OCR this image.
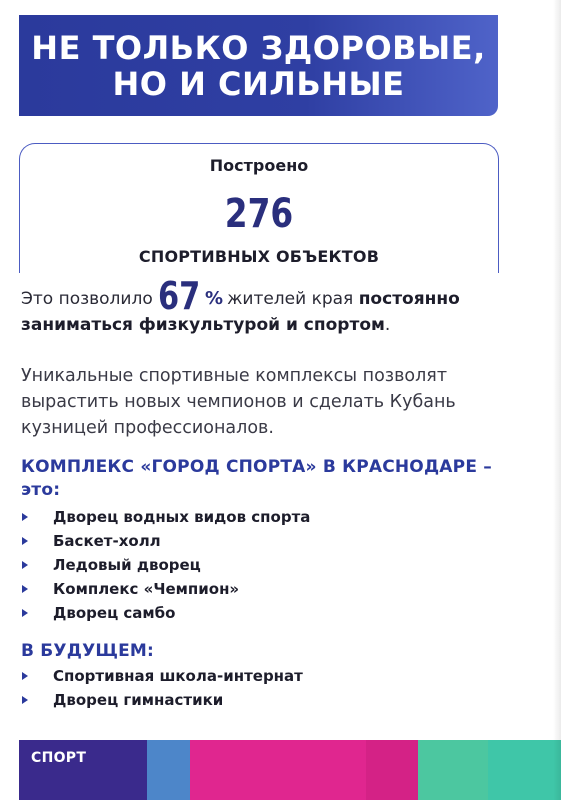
НЕ ТОЛЬКО ЗДОРОВЫЕ,
НО И СИЛЬНЫЕ
Построено
276
СПОРТИВНЫХ ОБЪЕКТОВ
Это позволило 67 % жителей края постоянно заниматься физкультурой и спортом.
Уникальные спортивные комплексы позволят вырастить новых чемпионов и сделать Кубань кузницей профессионалов.
КОМПЛЕКС «ГОРОД СПОРТА» В КРАСНОДАРЕ – это:
Дворец водных видов спорта
Баскет-холл
Ледовый дворец
Комплекс «Чемпион»
Дворец самбо
В БУДУЩЕМ:
Спортивная школа-интернат
Дворец гимнастики
СПОРТ
